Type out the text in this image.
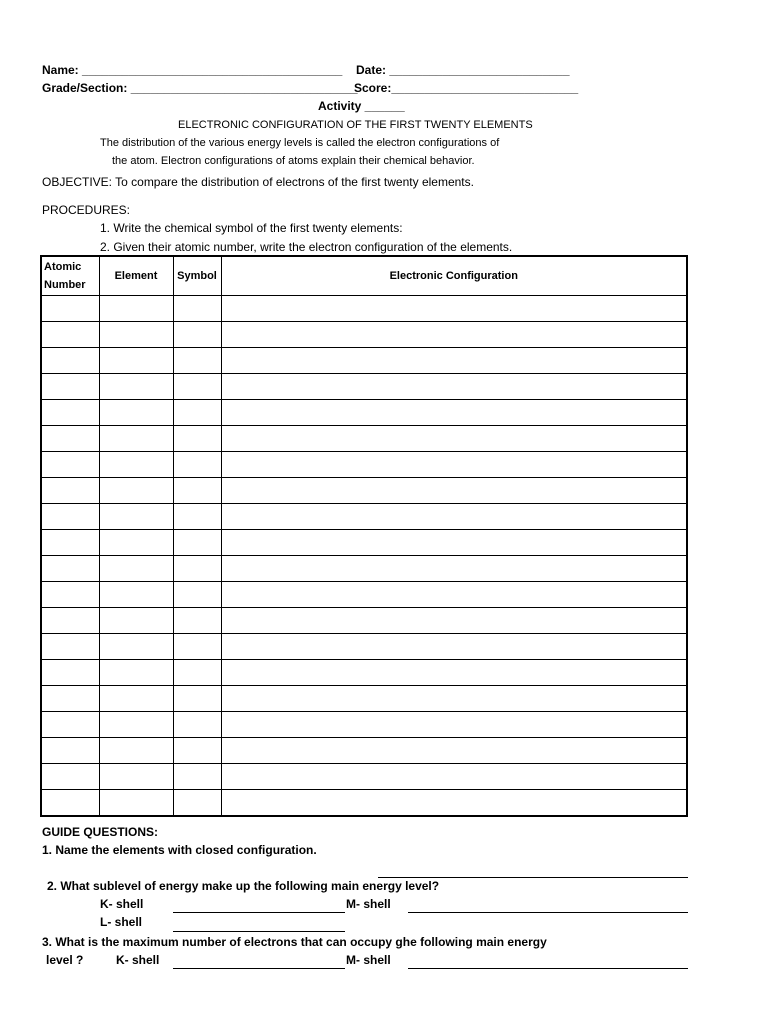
Name: _______________________________________ Date: ___________________________
Grade/Section: __________________________________
Score:____________________________
Activity ______
ELECTRONIC CONFIGURATION OF THE FIRST TWENTY ELEMENTS
The distribution of the various energy levels is called the electron configurations of
the atom. Electron configurations of atoms explain their chemical behavior.
OBJECTIVE: To compare the distribution of electrons of the first twenty elements.
PROCEDURES:
1. Write the chemical symbol of the first twenty elements:
2. Given their atomic number, write the electron configuration of the elements.
Atomic
Number	Element	Symbol	Electronic Configuration

GUIDE QUESTIONS:
1. Name the elements with closed configuration.
2. What sublevel of energy make up the following main energy level?
K- shell	M- shell
L- shell
3. What is the maximum number of electrons that can occupy ghe following main energy
level ?	K- shell	M- shell
